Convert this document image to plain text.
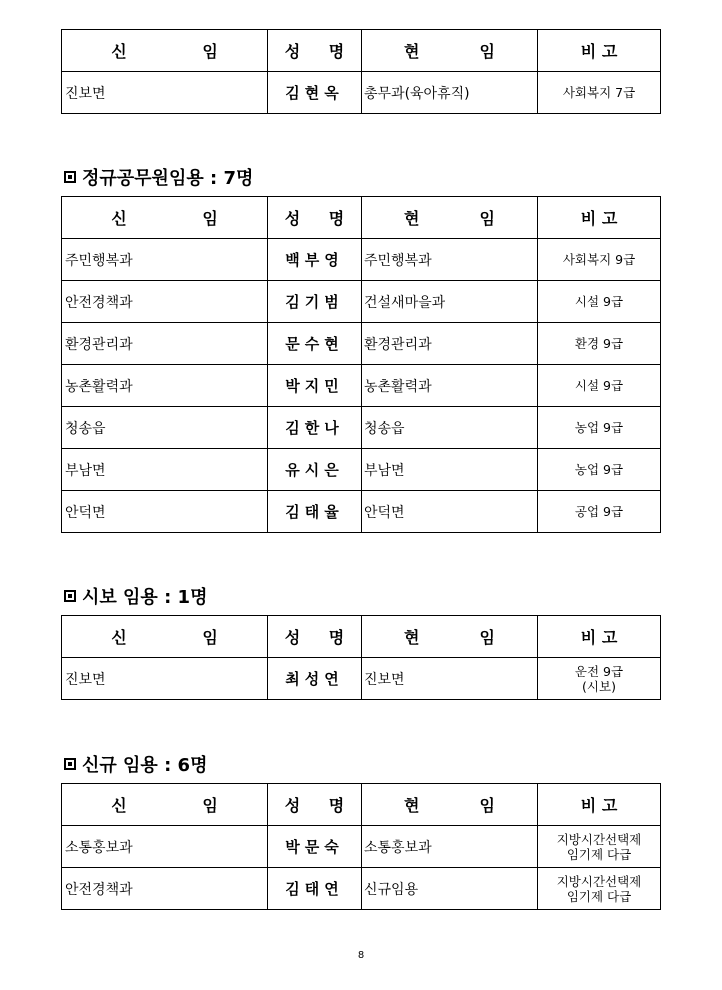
신 임	성 명	현 임	비 고

진보면	김현옥	총무과(육아휴직)	사회복지 7급
정규공무원임용 : 7명
신 임	성 명	현 임	비 고

주민행복과	백부영	주민행복과	사회복지 9급
안전경책과	김기범	건설새마을과	시설 9급
환경관리과	문수현	환경관리과	환경 9급
농촌활력과	박지민	농촌활력과	시설 9급
청송읍	김한나	청송읍	농업 9급
부남면	유시은	부남면	농업 9급
안덕면	김태율	안덕면	공업 9급
시보 임용 : 1명
신 임	성 명	현 임	비 고

진보면	최성연	진보면	운전 9급
(시보)
신규 임용 : 6명
신 임	성 명	현 임	비 고

소통홍보과	박문숙	소통홍보과	지방시간선택제
임기제 다급

안전경책과	김태연	신규임용	지방시간선택제
임기제 다급
8
